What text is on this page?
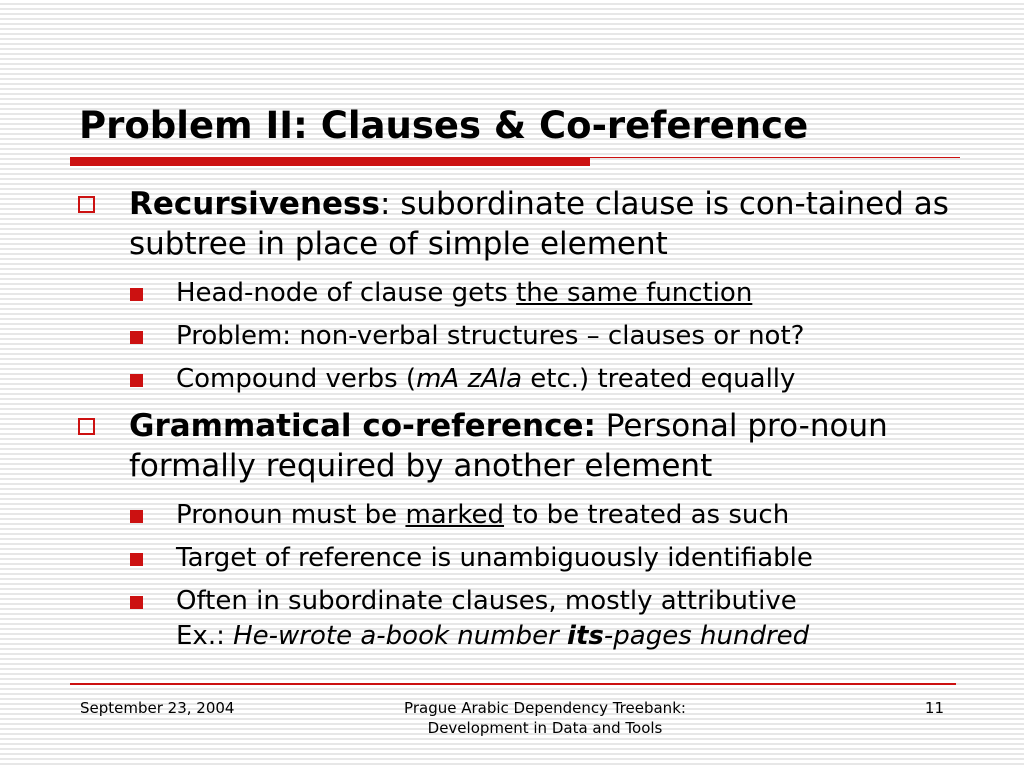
Problem II: Clauses & Co-reference
Recursiveness: subordinate clause is con-tained as subtree in place of simple element
Head-node of clause gets the same function
Problem: non-verbal structures – clauses or not?
Compound verbs (mA zAla etc.) treated equally
Grammatical co-reference: Personal pro-noun formally required by another element
Pronoun must be marked to be treated as such
Target of reference is unambiguously identifiable
Often in subordinate clauses, mostly attributive
Ex.: He-wrote a-book number its-pages hundred
September 23, 2004	Prague Arabic Dependency Treebank:
Development in Data and Tools
11
